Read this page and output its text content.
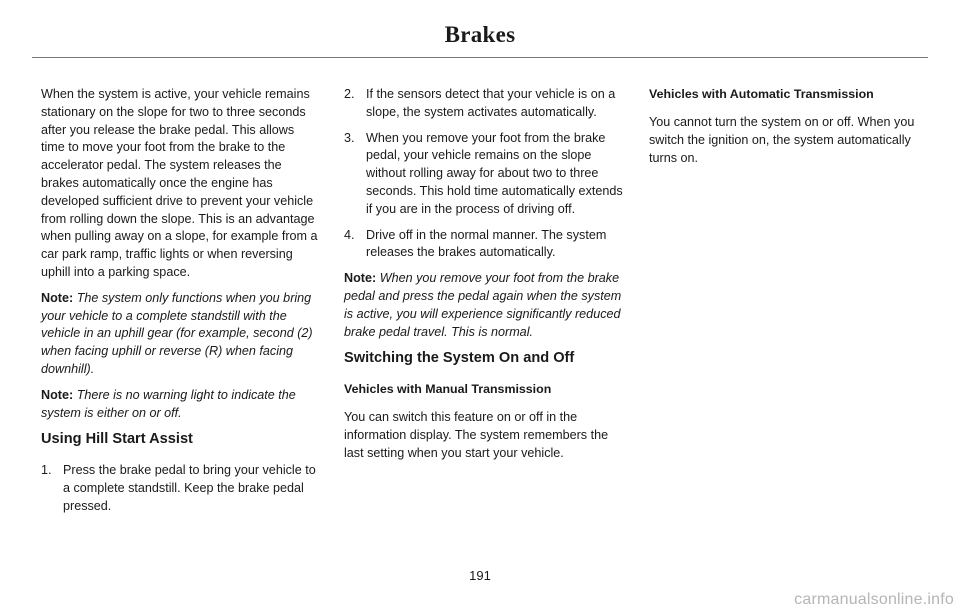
Brakes

When the system is active, your vehicle remains stationary on the slope for two to three seconds after you release the brake pedal. This allows time to move your foot from the brake to the accelerator pedal. The system releases the brakes automatically once the engine has developed sufficient drive to prevent your vehicle from rolling down the slope. This is an advantage when pulling away on a slope, for example from a car park ramp, traffic lights or when reversing uphill into a parking space.

Note: The system only functions when you bring your vehicle to a complete standstill with the vehicle in an uphill gear (for example, second (2) when facing uphill or reverse (R) when facing downhill).

Note: There is no warning light to indicate the system is either on or off.

Using Hill Start Assist
1. Press the brake pedal to bring your vehicle to a complete standstill. Keep the brake pedal pressed.
2. If the sensors detect that your vehicle is on a slope, the system activates automatically.
3. When you remove your foot from the brake pedal, your vehicle remains on the slope without rolling away for about two to three seconds. This hold time automatically extends if you are in the process of driving off.
4. Drive off in the normal manner. The system releases the brakes automatically.

Note: When you remove your foot from the brake pedal and press the pedal again when the system is active, you will experience significantly reduced brake pedal travel. This is normal.

Switching the System On and Off
Vehicles with Manual Transmission

You can switch this feature on or off in the information display. The system remembers the last setting when you start your vehicle.

Vehicles with Automatic Transmission

You cannot turn the system on or off. When you switch the ignition on, the system automatically turns on.

191
carmanualsonline.info
